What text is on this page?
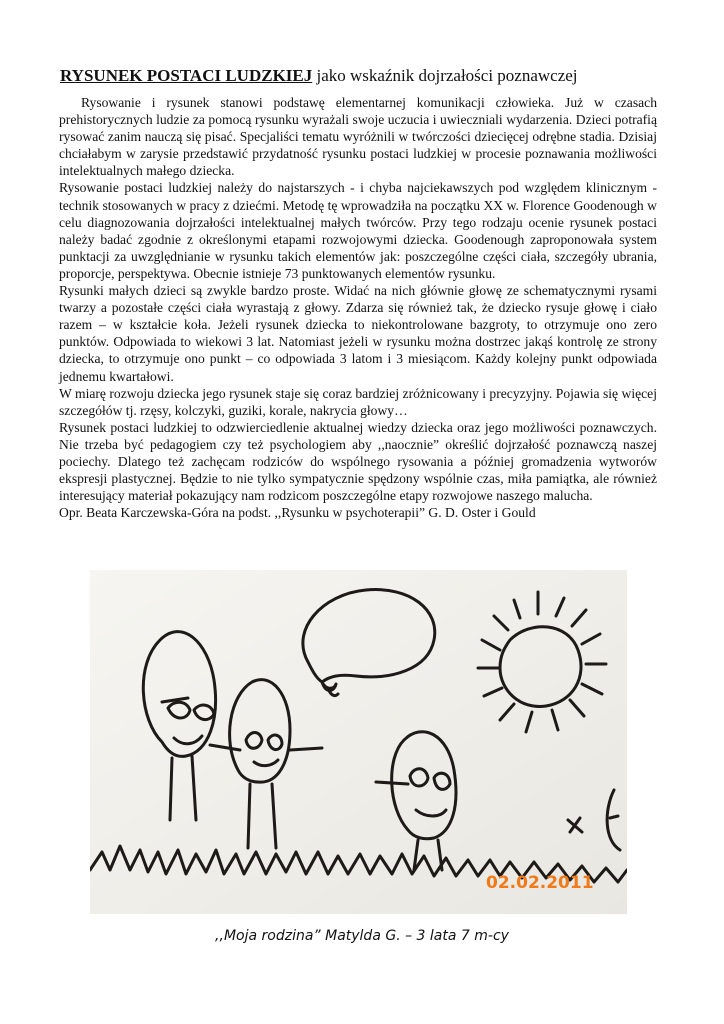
RYSUNEK POSTACI LUDZKIEJ jako wskaźnik dojrzałości poznawczej

Rysowanie i rysunek stanowi podstawę elementarnej komunikacji człowieka. Już w czasach prehistorycznych ludzie za pomocą rysunku wyrażali swoje uczucia i uwieczniali wydarzenia. Dzieci potrafią rysować zanim nauczą się pisać. Specjaliści tematu wyróżnili w twórczości dziecięcej odrębne stadia. Dzisiaj chciałabym w zarysie przedstawić przydatność rysunku postaci ludzkiej w procesie poznawania możliwości intelektualnych małego dziecka.

Rysowanie postaci ludzkiej należy do najstarszych - i chyba najciekawszych pod względem klinicznym - technik stosowanych w pracy z dziećmi. Metodę tę wprowadziła na początku XX w. Florence Goodenough w celu diagnozowania dojrzałości intelektualnej małych twórców. Przy tego rodzaju ocenie rysunek postaci należy badać zgodnie z określonymi etapami rozwojowymi dziecka. Goodenough zaproponowała system punktacji za uwzględnianie w rysunku takich elementów jak: poszczególne części ciała, szczegóły ubrania, proporcje, perspektywa. Obecnie istnieje 73 punktowanych elementów rysunku.

Rysunki małych dzieci są zwykle bardzo proste. Widać na nich głównie głowę ze schematycznymi rysami twarzy a pozostałe części ciała wyrastają z głowy. Zdarza się również tak, że dziecko rysuje głowę i ciało razem – w kształcie koła. Jeżeli rysunek dziecka to niekontrolowane bazgroty, to otrzymuje ono zero punktów. Odpowiada to wiekowi 3 lat. Natomiast jeżeli w rysunku można dostrzec jakąś kontrolę ze strony dziecka, to otrzymuje ono punkt – co odpowiada 3 latom i 3 miesiącom. Każdy kolejny punkt odpowiada jednemu kwartałowi.

W miarę rozwoju dziecka jego rysunek staje się coraz bardziej zróżnicowany i precyzyjny. Pojawia się więcej szczegółów tj. rzęsy, kolczyki, guziki, korale, nakrycia głowy…

Rysunek postaci ludzkiej to odzwierciedlenie aktualnej wiedzy dziecka oraz jego możliwości poznawczych. Nie trzeba być pedagogiem czy też psychologiem aby ,,naocznie” określić dojrzałość poznawczą naszej pociechy. Dlatego też zachęcam rodziców do wspólnego rysowania a później gromadzenia wytworów ekspresji plastycznej. Będzie to nie tylko sympatycznie spędzony wspólnie czas, miła pamiątka, ale również interesujący materiał pokazujący nam rodzicom poszczególne etapy rozwojowe naszego malucha.

Opr. Beata Karczewska-Góra na podst. ,,Rysunku w psychoterapii” G. D. Oster i Gould

02.02.2011
,,Moja rodzina” Matylda G. – 3 lata 7 m-cy
